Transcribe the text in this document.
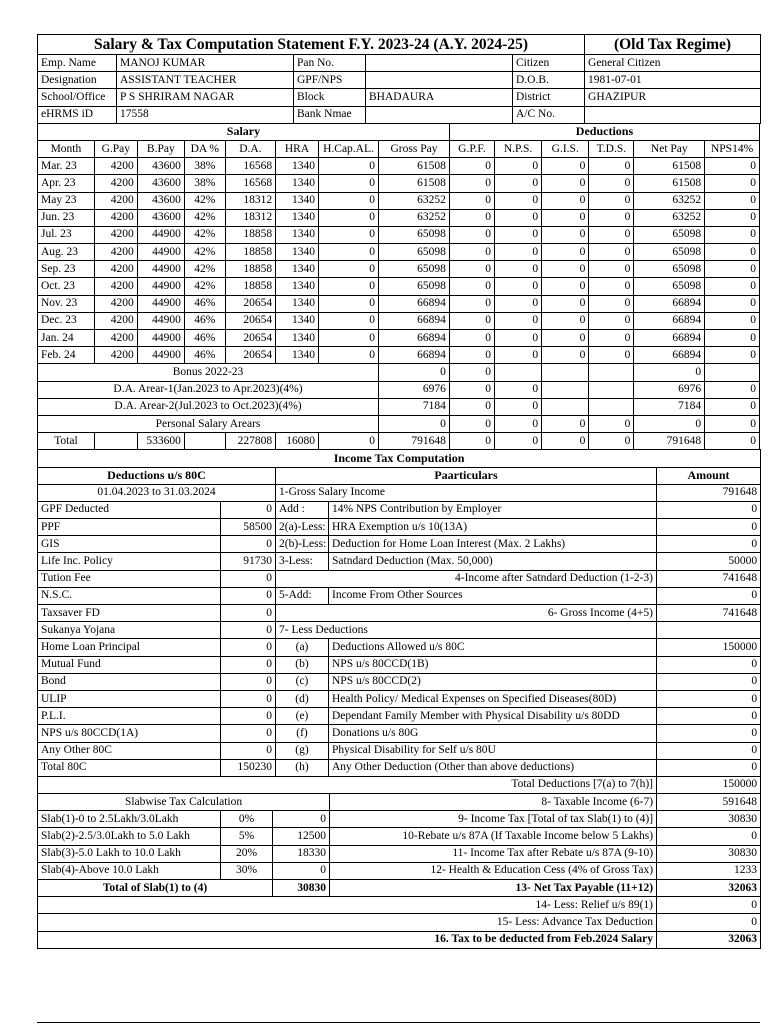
Salary & Tax Computation Statement F.Y. 2023-24 (A.Y. 2024-25)					(Old Tax Regime)
Emp. Name	MANOJ KUMAR	Pan No.		Citizen	General Citizen
Designation	ASSISTANT TEACHER	GPF/NPS		D.O.B.	1981-07-01
School/Office	P S SHRIRAM NAGAR	Block	BHADAURA	District	GHAZIPUR
eHRMS iD	17558	Bank Nmae		A/C No.	
Salary								Deductions					
Month	G.Pay	B.Pay	DA %	D.A.	HRA	H.Cap.AL.	Gross Pay	G.P.F.	N.P.S.	G.I.S.	T.D.S.	Net Pay	NPS14%
Mar. 23	4200	43600	38%	16568	1340	0	61508	0	0	0	0	61508	0
Apr. 23	4200	43600	38%	16568	1340	0	61508	0	0	0	0	61508	0
May 23	4200	43600	42%	18312	1340	0	63252	0	0	0	0	63252	0
Jun. 23	4200	43600	42%	18312	1340	0	63252	0	0	0	0	63252	0
Jul. 23	4200	44900	42%	18858	1340	0	65098	0	0	0	0	65098	0
Aug. 23	4200	44900	42%	18858	1340	0	65098	0	0	0	0	65098	0
Sep. 23	4200	44900	42%	18858	1340	0	65098	0	0	0	0	65098	0
Oct. 23	4200	44900	42%	18858	1340	0	65098	0	0	0	0	65098	0
Nov. 23	4200	44900	46%	20654	1340	0	66894	0	0	0	0	66894	0
Dec. 23	4200	44900	46%	20654	1340	0	66894	0	0	0	0	66894	0
Jan. 24	4200	44900	46%	20654	1340	0	66894	0	0	0	0	66894	0
Feb. 24	4200	44900	46%	20654	1340	0	66894	0	0	0	0	66894	0
Bonus 2022-23							0	0				0	
D.A. Arear-1(Jan.2023 to Apr.2023)(4%)							6976	0	0			6976	0
D.A. Arear-2(Jul.2023 to Oct.2023)(4%)							7184	0	0			7184	0
Personal Salary Arears							0	0	0	0	0	0	0
Total		533600		227808	16080	0	791648	0	0	0	0	791648	0
Income Tax Computation				
Deductions u/s 80C		Paarticulars		Amount
01.04.2023 to 31.03.2024		1-Gross Salary Income		791648
GPF Deducted	0	Add :	14% NPS Contribution by Employer	0
PPF	58500	2(a)-Less:	HRA Exemption u/s 10(13A)	0
GIS	0	2(b)-Less:	Deduction for Home Loan Interest (Max. 2 Lakhs)	0
Life Inc. Policy	91730	3-Less:	Satndard Deduction (Max. 50,000)	50000
Tution Fee	0	4-Income after Satndard Deduction (1-2-3)		741648
N.S.C.	0	5-Add:	Income From Other Sources	0
Taxsaver FD	0	6- Gross Income (4+5)		741648
Sukanya Yojana	0	7- Less Deductions		
Home Loan Principal	0	(a)	Deductions Allowed u/s 80C	150000
Mutual Fund	0	(b)	NPS u/s 80CCD(1B)	0
Bond	0	(c)	NPS u/s 80CCD(2)	0
ULIP	0	(d)	Health Policy/ Medical Expenses on Specified Diseases(80D)	0
P.L.I.	0	(e)	Dependant Family Member with Physical Disability u/s 80DD	0
NPS u/s 80CCD(1A)	0	(f)	Donations u/s 80G	0
Any Other 80C	0	(g)	Physical Disability for Self u/s 80U	0
Total 80C	150230	(h)	Any Other Deduction (Other than above deductions)	0
Total Deductions [7(a) to 7(h)]				150000
Slabwise Tax Calculation			8- Taxable Income (6-7)	591648
Slab(1)-0 to 2.5Lakh/3.0Lakh	0%	0	9- Income Tax [Total of tax Slab(1) to (4)]	30830
Slab(2)-2.5/3.0Lakh to 5.0 Lakh	5%	12500	10-Rebate u/s 87A (If Taxable Income below 5 Lakhs)	0
Slab(3)-5.0 Lakh to 10.0 Lakh	20%	18330	11- Income Tax after Rebate u/s 87A (9-10)	30830
Slab(4)-Above 10.0 Lakh	30%	0	12- Health & Education Cess (4% of Gross Tax)	1233
Total of Slab(1) to (4)		30830	13- Net Tax Payable (11+12)	32063
14- Less: Relief u/s 89(1)				0
15- Less: Advance Tax Deduction				0
16. Tax to be deducted from Feb.2024 Salary				32063
